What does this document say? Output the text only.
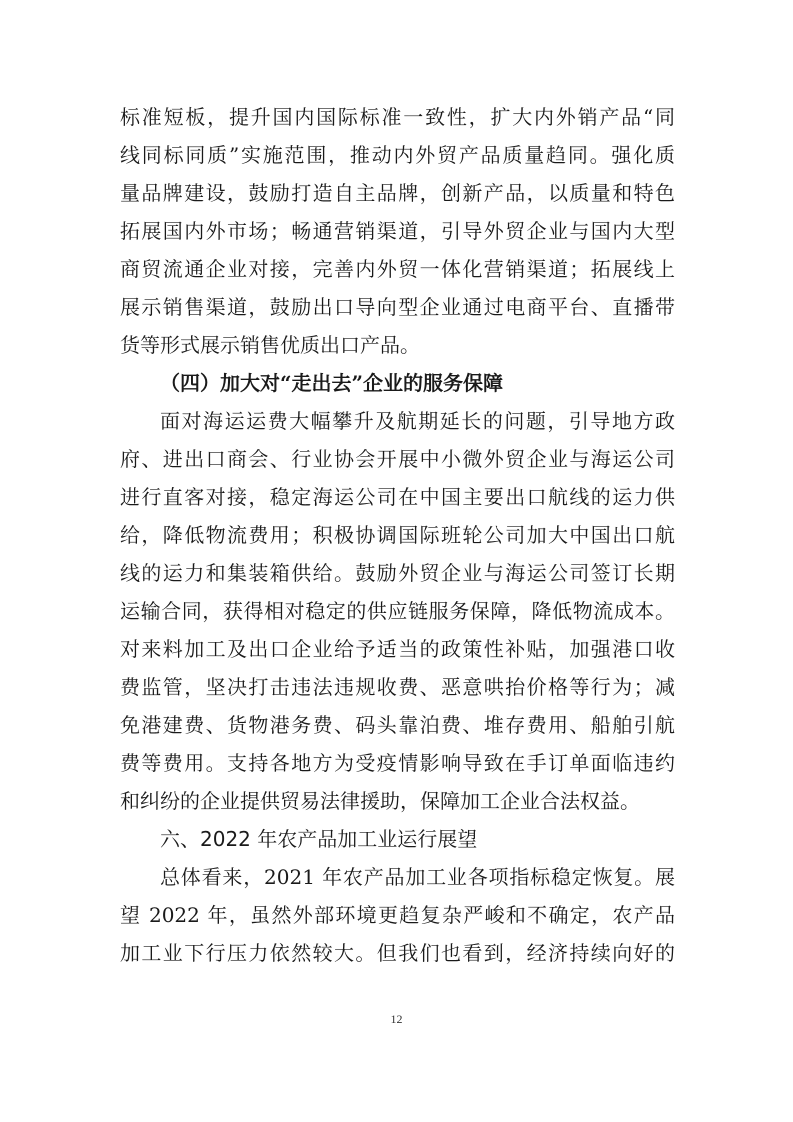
标准短板，提升国内国际标准一致性，扩大内外销产品“同
线同标同质”实施范围，推动内外贸产品质量趋同。强化质
量品牌建设，鼓励打造自主品牌，创新产品，以质量和特色
拓展国内外市场；畅通营销渠道，引导外贸企业与国内大型
商贸流通企业对接，完善内外贸一体化营销渠道；拓展线上
展示销售渠道，鼓励出口导向型企业通过电商平台、直播带
货等形式展示销售优质出口产品。
（四）加大对“走出去”企业的服务保障
面对海运运费大幅攀升及航期延长的问题，引导地方政
府、进出口商会、行业协会开展中小微外贸企业与海运公司
进行直客对接，稳定海运公司在中国主要出口航线的运力供
给，降低物流费用；积极协调国际班轮公司加大中国出口航
线的运力和集装箱供给。鼓励外贸企业与海运公司签订长期
运输合同，获得相对稳定的供应链服务保障，降低物流成本。
对来料加工及出口企业给予适当的政策性补贴，加强港口收
费监管，坚决打击违法违规收费、恶意哄抬价格等行为；减
免港建费、货物港务费、码头靠泊费、堆存费用、船舶引航
费等费用。支持各地方为受疫情影响导致在手订单面临违约
和纠纷的企业提供贸易法律援助，保障加工企业合法权益。
六、2022 年农产品加工业运行展望
总体看来，2021 年农产品加工业各项指标稳定恢复。展
望 2022 年，虽然外部环境更趋复杂严峻和不确定，农产品
加工业下行压力依然较大。但我们也看到，经济持续向好的
12
